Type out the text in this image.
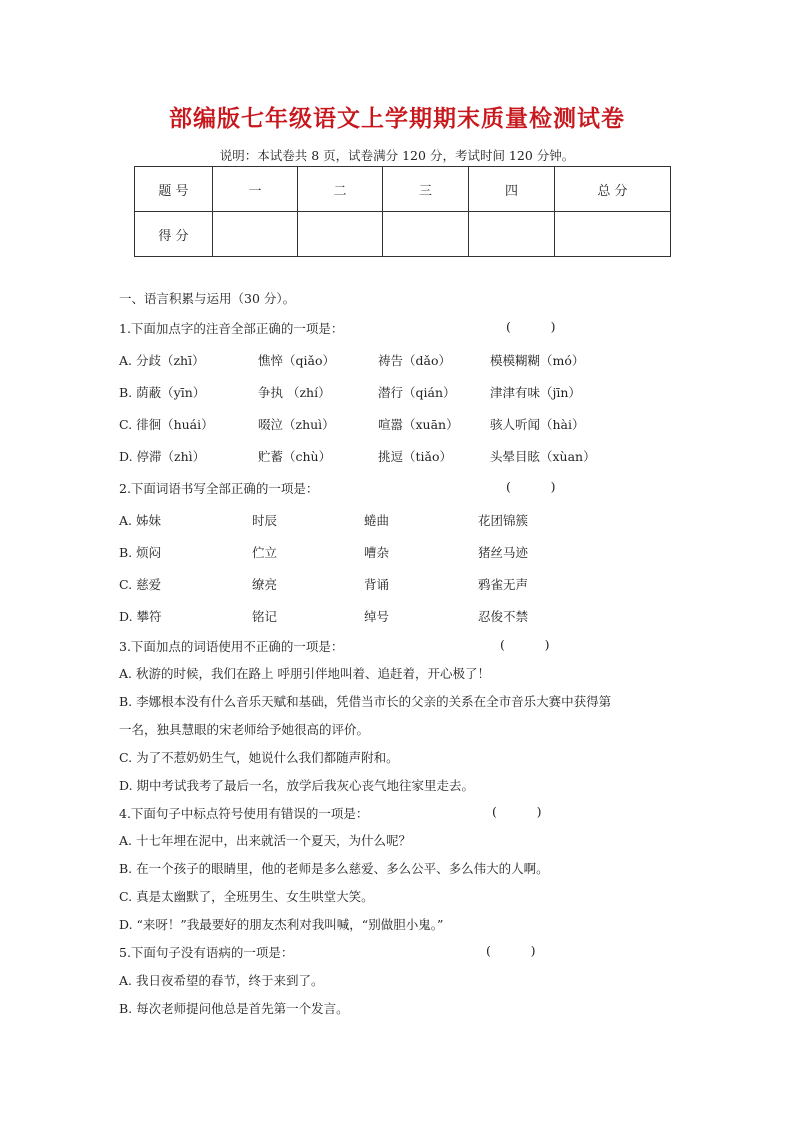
部编版七年级语文上学期期末质量检测试卷
说明：本试卷共 8 页，试卷满分 120 分，考试时间 120 分钟。
题 号	一	二	三	四	总 分
得 分					
一、语言积累与运用（30 分）。
1.下面加点字的注音全部正确的一项是：	(          )
A. 分歧（zhī）	憔悴（qiǎo）	祷告（dǎo）	模模糊糊（mó）
B. 荫蔽（yīn）	争执 （zhí）	潜行（qián）	津津有味（jīn）
C. 徘徊（huái）	啜泣（zhuì）	喧嚣（xuān）	骇人听闻（hài）
D. 停滞（zhì）	贮蓄（chù）	挑逗（tiǎo）	头晕目眩（xùan）
2.下面词语书写全部正确的一项是：	(          )
A. 姊妹	时辰	蜷曲	花团锦簇
B. 烦闷	伫立	嘈杂	猪丝马迹
C. 慈爱	缭亮	背诵	鸦雀无声
D. 攀符	铭记	绰号	忍俊不禁
3.下面加点的词语使用不正确的一项是：	(          )
A. 秋游的时候，我们在路上 呼朋引伴地叫着、追赶着，开心极了！
B. 李娜根本没有什么音乐天赋和基础，凭借当市长的父亲的关系在全市音乐大赛中获得第
一名，独具慧眼的宋老师给予她很高的评价。
C. 为了不惹奶奶生气，她说什么我们都随声附和。
D. 期中考试我考了最后一名，放学后我灰心丧气地往家里走去。
4.下面句子中标点符号使用有错误的一项是：	(          )
A. 十七年埋在泥中，出来就活一个夏天，为什么呢？
B. 在一个孩子的眼睛里，他的老师是多么慈爱、多么公平、多么伟大的人啊。
C. 真是太幽默了，全班男生、女生哄堂大笑。
D. “来呀！”我最要好的朋友杰利对我叫喊，“别做胆小鬼。”
5.下面句子没有语病的一项是：	(          )
A. 我日夜希望的春节，终于来到了。
B. 每次老师提问他总是首先第一个发言。
